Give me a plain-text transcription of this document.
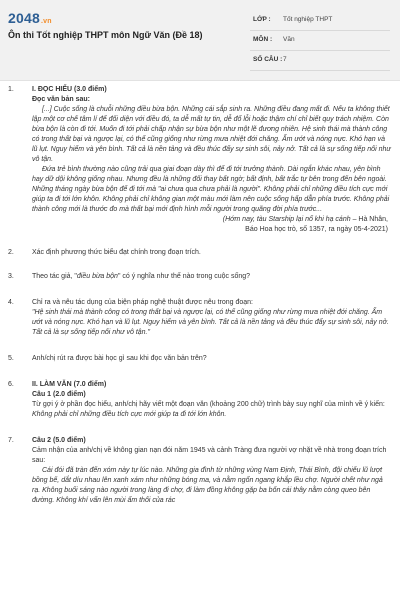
2048.vn
Ôn thi Tốt nghiệp THPT môn Ngữ Văn (Đề 18)
LỚP : Tốt nghiệp THPT
MÔN : Văn
SỐ CÂU : 7
1.	I. ĐỌC HIỂU (3.0 điểm)

Đọc văn bản sau:

[...] Cuộc sống là chuỗi những điều bừa bộn. Những cái sắp sinh ra. Những điều đang mất đi. Nếu ta không thiết lập một cơ chế tâm lí để đối diện với điều đó, ta dễ mất tự tin, dễ đổ lỗi hoặc thậm chí chỉ biết quy trách nhiệm. Còn bừa bộn là còn đi tới. Muốn đi tới phải chấp nhận sự bừa bộn như một lẽ đương nhiên. Hệ sinh thái mà thành công có trong thất bại và ngược lại, có thể cũng giống như rừng mưa nhiệt đới chăng. Ẩm ướt và nóng nực. Khó hạn và lũ lụt. Nguy hiểm và yên bình. Tất cả là nền tảng và đều thúc đẩy sự sinh sôi, nảy nở. Tất cả là sự sống tiếp nối như vô tận.

Đứa trẻ bình thường nào cũng trải qua giai đoạn dày thì để đi tới trưởng thành. Dài ngắn khác nhau, yên bình hay dữ dội không giống nhau. Nhưng đều là những đối thay bất ngờ; bất định, bất trắc tự bên trong đến bên ngoài. Những tháng ngày bừa bộn để đi tới mà "ai chưa qua chưa phải là người". Không phải chỉ những điều tích cực mới giúp ta đi tới lớn khôn. Không phải chỉ không gian một màu mới làm nên cuộc sống hấp dẫn phía trước. Không phải thành công mới là thước đo mà thất bại mới định hình mỗi người trong quãng đời phía trước...

(Hớm nay, tàu Starship lại nổ khi hạ cánh – Hà Nhân,

Báo Hoa học trò, số 1357, ra ngày 05-4-2021)

2.	Xác định phương thức biểu đạt chính trong đoạn trích.

3.	Theo tác giả, "điều bừa bộn" có ý nghĩa như thế nào trong cuộc sống?

4.	Chỉ ra và nêu tác dụng của biện pháp nghệ thuật được nêu trong đoạn:

"Hệ sinh thái mà thành công có trong thất bại và ngược lại, có thể cũng giống như rừng mưa nhiệt đới chăng. Ẩm ướt và nóng nực. Khó hạn và lũ lụt. Nguy hiểm và yên bình. Tất cả là nền tảng và đều thúc đẩy sự sinh sôi, nảy nở. Tất cả là sự sống tiếp nối như vô tận."

5.	Anh/chị rút ra được bài học gì sau khi đọc văn bản trên?

6.	II. LÀM VĂN (7.0 điểm)

Câu 1 (2.0 điểm)

Từ gợi ý ở phần đọc hiểu, anh/chị hãy viết một đoạn văn (khoảng 200 chữ) trình bày suy nghĩ của mình về ý kiến: Không phải chỉ những điều tích cực mới giúp ta đi tới lớn khôn.

7.	Câu 2 (5.0 điểm)

Cảm nhận của anh/chị về không gian nạn đói năm 1945 và cảnh Tràng đưa người vợ nhặt về nhà trong đoạn trích sau:

Cái đói đã tràn đến xóm này tự lúc nào. Những gia đình từ những vùng Nam Định, Thái Bình, đội chiếu lũ lượt bồng bế, dắt díu nhau lên xanh xám như những bóng ma, và nằm ngổn ngang khắp lều chợ. Người chết như ngả rạ. Không buổi sáng nào người trong làng đi chợ, đi làm đồng không gặp ba bốn cái thây nằm còng queo bên đường. Không khí vẩn lên mùi ẩm thối của rác
